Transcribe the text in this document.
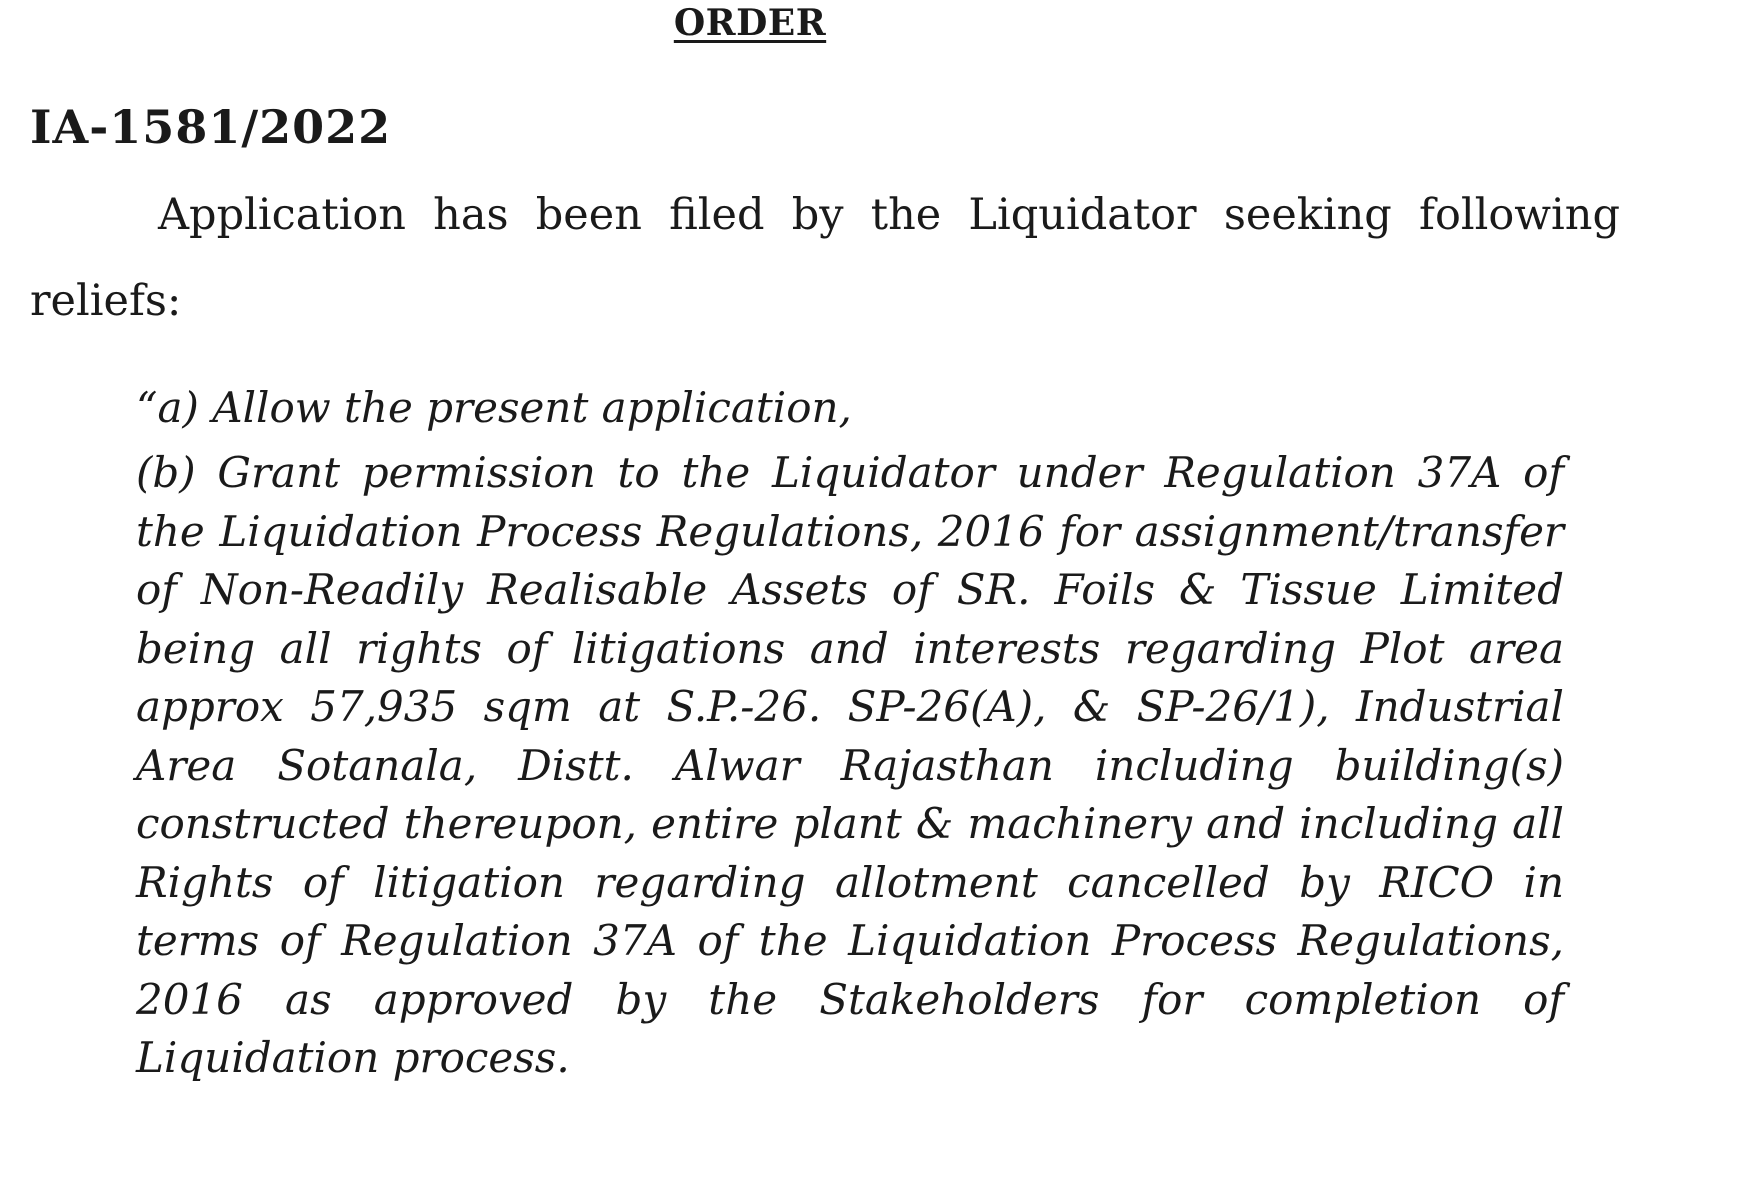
ORDER
IA-1581/2022

Application has been filed by the Liquidator seeking following reliefs:

“a) Allow the present application,

(b) Grant permission to the Liquidator under Regulation 37A of the Liquidation Process Regulations, 2016 for assignment/transfer of Non-Readily Realisable Assets of SR. Foils & Tissue Limited being all rights of litigations and interests regarding Plot area approx 57,935 sqm at S.P.-26. SP-26(A), & SP-26/1), Industrial Area Sotanala, Distt. Alwar Rajasthan including building(s) constructed thereupon, entire plant & machinery and including all Rights of litigation regarding allotment cancelled by RICO in terms of Regulation 37A of the Liquidation Process Regulations, 2016 as approved by the Stakeholders for completion of Liquidation process.
